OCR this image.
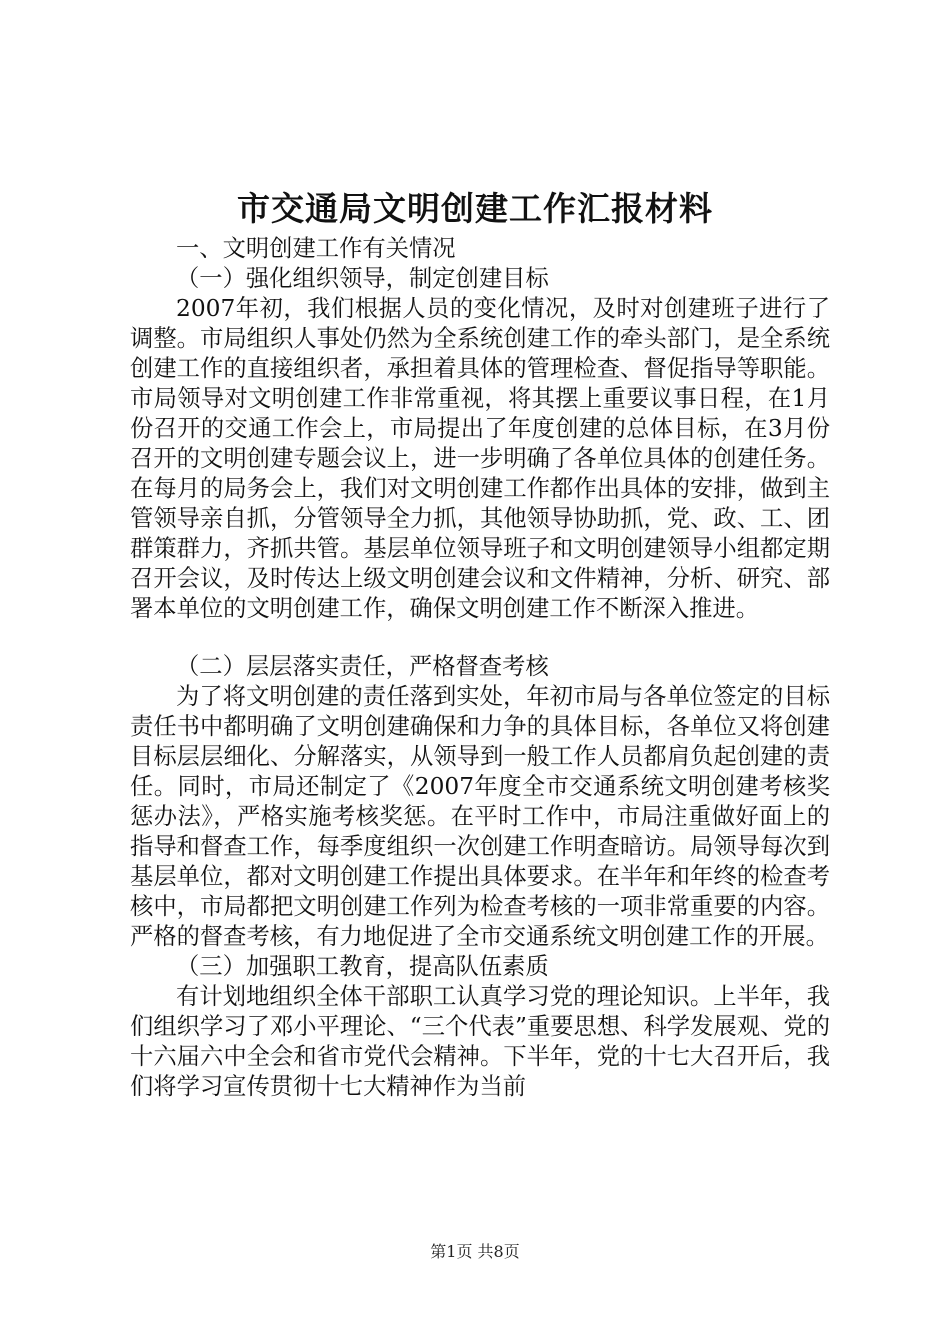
市交通局文明创建工作汇报材料

一、文明创建工作有关情况

（一）强化组织领导，制定创建目标

2007年初，我们根据人员的变化情况，及时对创建班子进行了调整。市局组织人事处仍然为全系统创建工作的牵头部门，是全系统创建工作的直接组织者，承担着具体的管理检查、督促指导等职能。市局领导对文明创建工作非常重视，将其摆上重要议事日程，在1月份召开的交通工作会上，市局提出了年度创建的总体目标，在3月份召开的文明创建专题会议上，进一步明确了各单位具体的创建任务。在每月的局务会上，我们对文明创建工作都作出具体的安排，做到主管领导亲自抓，分管领导全力抓，其他领导协助抓，党、政、工、团群策群力，齐抓共管。基层单位领导班子和文明创建领导小组都定期召开会议，及时传达上级文明创建会议和文件精神，分析、研究、部署本单位的文明创建工作，确保文明创建工作不断深入推进。

（二）层层落实责任，严格督查考核

为了将文明创建的责任落到实处，年初市局与各单位签定的目标责任书中都明确了文明创建确保和力争的具体目标，各单位又将创建目标层层细化、分解落实，从领导到一般工作人员都肩负起创建的责任。同时，市局还制定了《2007年度全市交通系统文明创建考核奖惩办法》，严格实施考核奖惩。在平时工作中，市局注重做好面上的指导和督查工作，每季度组织一次创建工作明查暗访。局领导每次到基层单位，都对文明创建工作提出具体要求。在半年和年终的检查考核中，市局都把文明创建工作列为检查考核的一项非常重要的内容。严格的督查考核，有力地促进了全市交通系统文明创建工作的开展。

（三）加强职工教育，提高队伍素质

有计划地组织全体干部职工认真学习党的理论知识。上半年，我们组织学习了邓小平理论、“三个代表”重要思想、科学发展观、党的十六届六中全会和省市党代会精神。下半年，党的十七大召开后，我们将学习宣传贯彻十七大精神作为当前

第1页 共8页
